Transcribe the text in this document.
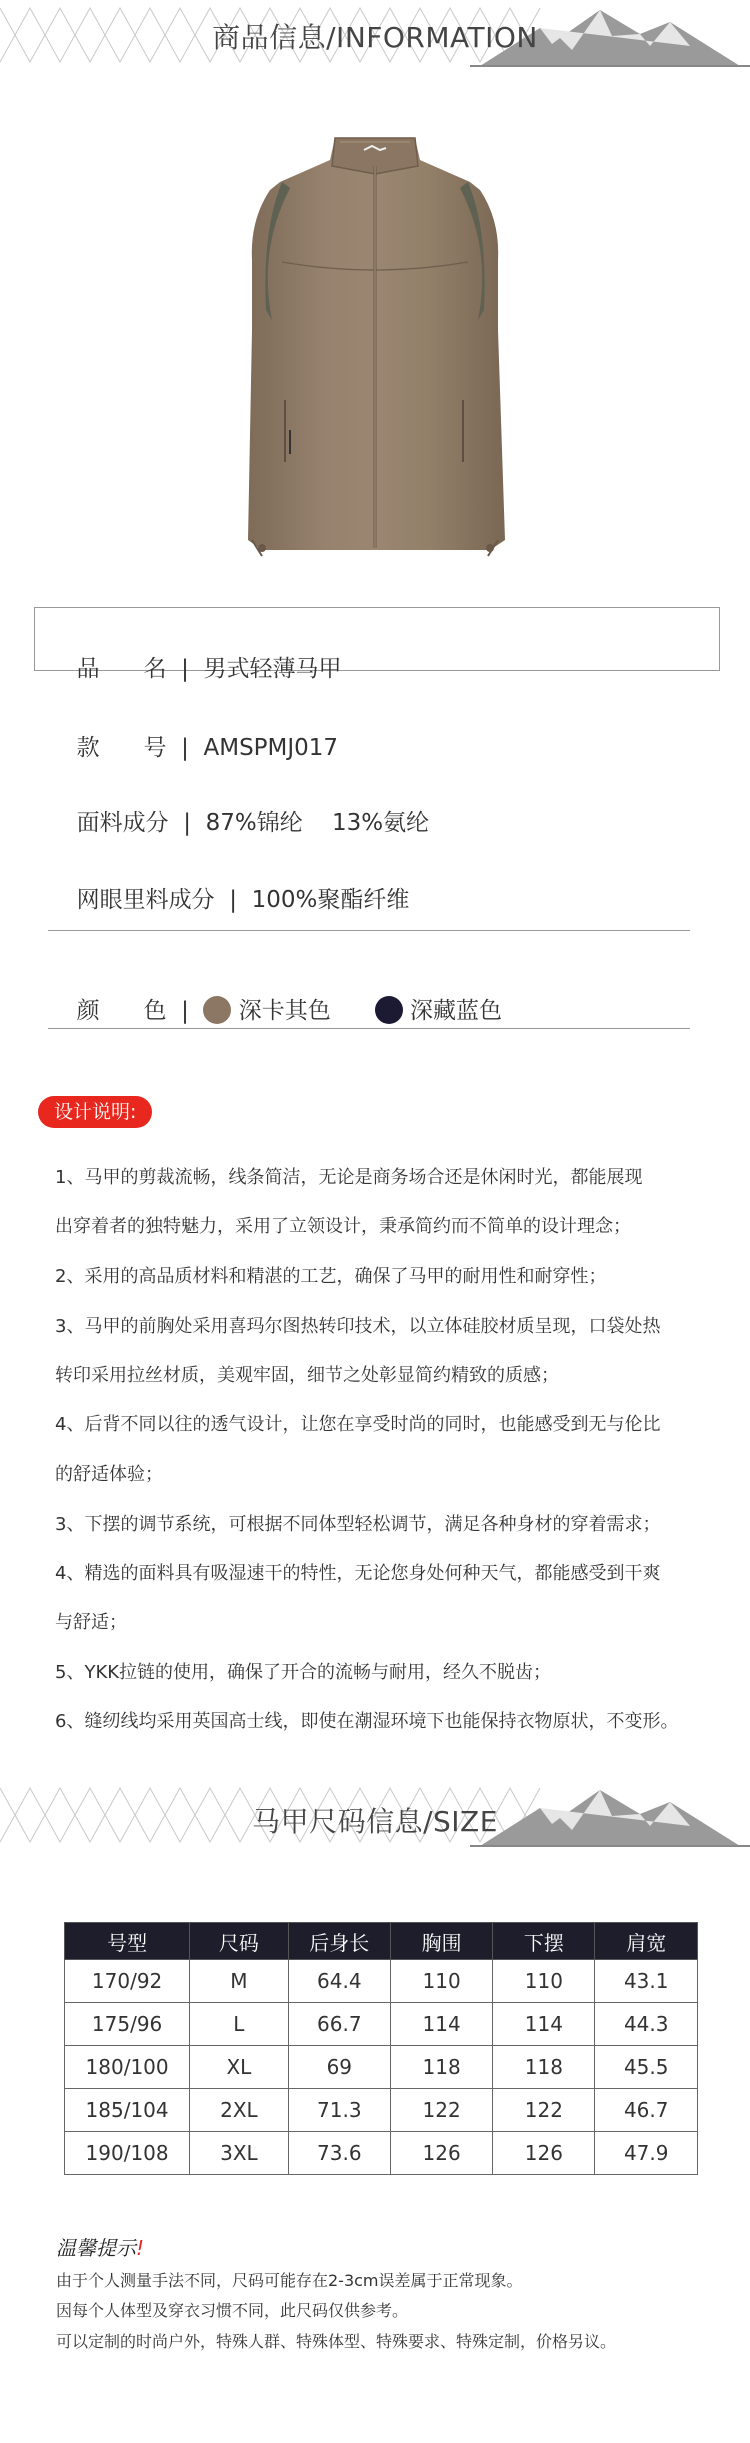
商品信息/INFORMATION

品      名  |  男式轻薄马甲

款      号  |  AMSPMJ017

面料成分  |  87%锦纶    13%氨纶

网眼里料成分  |  100%聚酯纤维

颜      色  |   深卡其色	深藏蓝色

设计说明:
1、马甲的剪裁流畅，线条简洁，无论是商务场合还是休闲时光，都能展现
出穿着者的独特魅力，采用了立领设计，秉承简约而不简单的设计理念；
2、采用的高品质材料和精湛的工艺，确保了马甲的耐用性和耐穿性；
3、马甲的前胸处采用喜玛尔图热转印技术，以立体硅胶材质呈现，口袋处热
转印采用拉丝材质，美观牢固，细节之处彰显简约精致的质感；
4、后背不同以往的透气设计，让您在享受时尚的同时，也能感受到无与伦比
的舒适体验；
3、下摆的调节系统，可根据不同体型轻松调节，满足各种身材的穿着需求；
4、精选的面料具有吸湿速干的特性，无论您身处何种天气，都能感受到干爽
与舒适；
5、YKK拉链的使用，确保了开合的流畅与耐用，经久不脱齿；
6、缝纫线均采用英国高士线，即使在潮湿环境下也能保持衣物原状，不变形。
马甲尺码信息/SIZE
号型	尺码	后身长	胸围	下摆	肩宽
170/92	M	64.4	110	110	43.1
175/96	L	66.7	114	114	44.3
180/100	XL	69	118	118	45.5
185/104	2XL	71.3	122	122	46.7
190/108	3XL	73.6	126	126	47.9
温馨提示!
由于个人测量手法不同，尺码可能存在2-3cm误差属于正常现象。
因每个人体型及穿衣习惯不同，此尺码仅供参考。
可以定制的时尚户外，特殊人群、特殊体型、特殊要求、特殊定制，价格另议。
